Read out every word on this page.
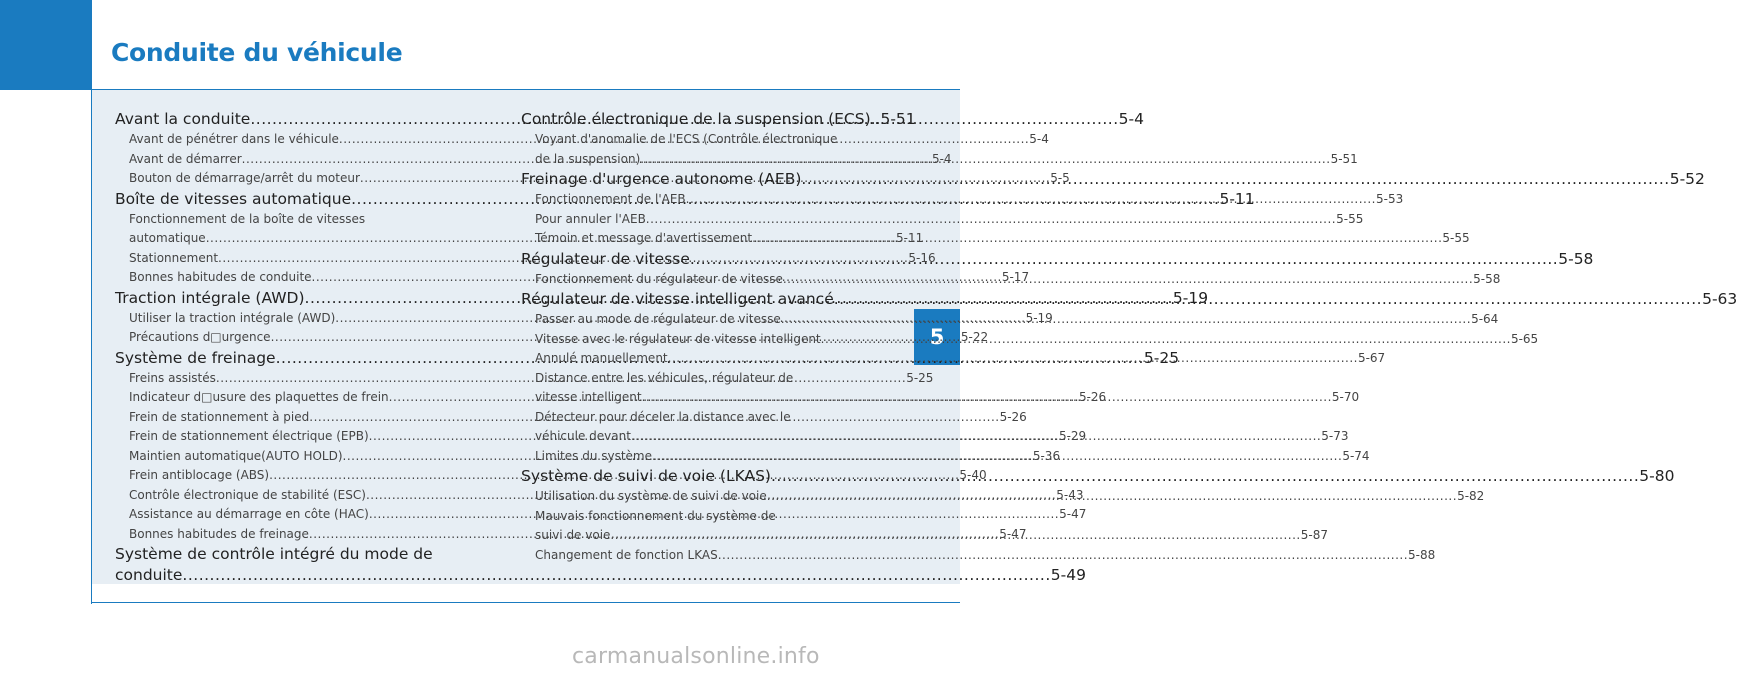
Conduite du véhicule
5
Avant la conduite .....	5-4
Avant de pénétrer dans le véhicule .....	5-4
Avant de démarrer .....	5-4
Bouton de démarrage/arrêt du moteur .....	5-5
Boîte de vitesses automatique .....	5-11
Fonctionnement de la boîte de vitesses
automatique .....	5-11
Stationnement .....	5-16
Bonnes habitudes de conduite .....	5-17
Traction intégrale (AWD) .....	5-19
Utiliser la traction intégrale (AWD) .....	5-19
Précautions d□urgence .....	5-22
Système de freinage .....	5-25
Freins assistés .....	5-25
Indicateur d□usure des plaquettes de frein .....	5-26
Frein de stationnement à pied .....	5-26
Frein de stationnement électrique (EPB) .....	5-29
Maintien automatique(AUTO HOLD) .....	5-36
Frein antiblocage (ABS) .....	5-40
Contrôle électronique de stabilité (ESC) .....	5-43
Assistance au démarrage en côte (HAC) .....	5-47
Bonnes habitudes de freinage .....	5-47
Système de contrôle intégré du mode de
conduite .....	5-49
Contrôle électronique de la suspension (ECS) ..5-51
Voyant d'anomalie de l'ECS (Contrôle électronique
de la suspension) .....	5-51
Freinage d'urgence autonome (AEB) .....	5-52
Fonctionnement de l'AEB .....	5-53
Pour annuler l'AEB .....	5-55
Témoin et message d'avertissement .....	5-55
Régulateur de vitesse .....	5-58
Fonctionnement du régulateur de vitesse .....	5-58
Régulateur de vitesse intelligent avancé .....	5-63
Passer au mode de régulateur de vitesse .....	5-64
Vitesse avec le régulateur de vitesse intelligent .....	5-65
Annulé manuellement .....	5-67
Distance entre les véhicules, régulateur de
vitesse intelligent .....	5-70
Détecteur pour déceler la distance avec le
véhicule devant .....	5-73
Limites du système .....	5-74
Système de suivi de voie (LKAS) .....	5-80
Utilisation du système de suivi de voie .....	5-82
Mauvais fonctionnement du système de
suivi de voie .....	5-87
Changement de fonction LKAS .....	5-88
carmanualsonline.info
